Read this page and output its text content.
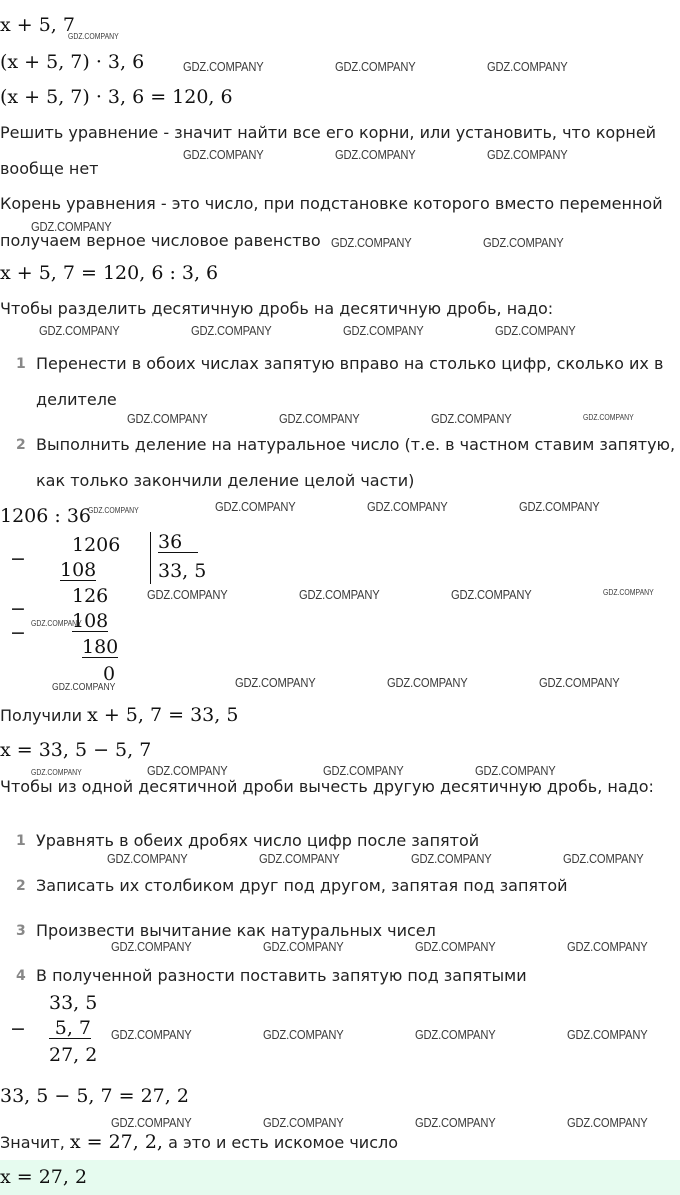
x + 5, 7
GDZ.COMPANY
(x + 5, 7) · 3, 6	GDZ.COMPANY	GDZ.COMPANY	GDZ.COMPANY
(x + 5, 7) · 3, 6 = 120, 6
Решить уравнение - значит найти все его корни, или установить, что корней
вообще нет
GDZ.COMPANY	GDZ.COMPANY	GDZ.COMPANY
Корень уравнения - это число, при подстановке которого вместо переменной
GDZ.COMPANY
получаем верное числовое равенство GDZ.COMPANY	GDZ.COMPANY
x + 5, 7 = 120, 6 : 3, 6
Чтобы разделить десятичную дробь на десятичную дробь, надо:
GDZ.COMPANY	GDZ.COMPANY	GDZ.COMPANY	GDZ.COMPANY
1 Перенести в обоих числах запятую вправо на столько цифр, сколько их в
делителе
GDZ.COMPANY	GDZ.COMPANY	GDZ.COMPANY	GDZ.COMPANY
2 Выполнить деление на натуральное число (т.е. в частном ставим запятую,
как только закончили деление целой части)
1206 : 36
GDZ.COMPANY	GDZ.COMPANY	GDZ.COMPANY	GDZ.COMPANY
−
1206
108
36
33, 5
−
−
126
GDZ.COMPANY
108
180
0
GDZ.COMPANY	GDZ.COMPANY	GDZ.COMPANY	GDZ.COMPANY
GDZ.COMPANY	GDZ.COMPANY	GDZ.COMPANY	GDZ.COMPANY
Получили x + 5, 7 = 33, 5
x = 33, 5 − 5, 7
GDZ.COMPANY	GDZ.COMPANY	GDZ.COMPANY	GDZ.COMPANY
Чтобы из одной десятичной дроби вычесть другую десятичную дробь, надо:
1 Уравнять в обеих дробях число цифр после запятой
GDZ.COMPANY	GDZ.COMPANY	GDZ.COMPANY	GDZ.COMPANY
2 Записать их столбиком друг под другом, запятая под запятой
3 Произвести вычитание как натуральных чисел
GDZ.COMPANY	GDZ.COMPANY	GDZ.COMPANY	GDZ.COMPANY
4 В полученной разности поставить запятую под запятыми
33, 5
−	5, 7
27, 2
GDZ.COMPANY	GDZ.COMPANY	GDZ.COMPANY	GDZ.COMPANY
33, 5 − 5, 7 = 27, 2
GDZ.COMPANY	GDZ.COMPANY	GDZ.COMPANY	GDZ.COMPANY
Значит, x = 27, 2, а это и есть искомое число
x = 27, 2
